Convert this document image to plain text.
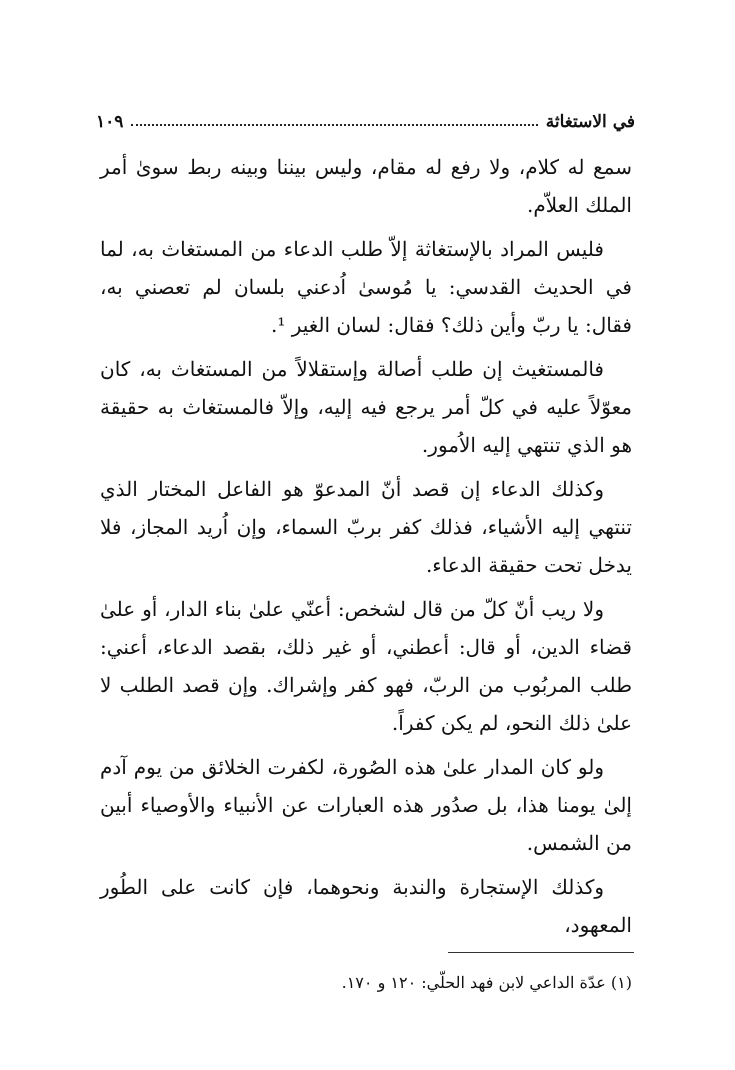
في الاستغاثة
١٠٩

سمع له كلام، ولا رفع له مقام، وليس بيننا وبينه ربط سوىٰ أمر الملك العلاّم.

فليس المراد بالإستغاثة إلاّ طلب الدعاء من المستغاث به، لما في الحديث القدسي: يا مُوسىٰ اُدعني بلسان لم تعصني به، فقال: يا ربّ وأين ذلك؟ فقال: لسان الغير ¹.

فالمستغيث إن طلب أصالة وإستقلالاً من المستغاث به، كان معوّلاً عليه في كلّ أمر يرجع فيه إليه، وإلاّ فالمستغاث به حقيقة هو الذي تنتهي إليه الاُمور.

وكذلك الدعاء إن قصد أنّ المدعوّ هو الفاعل المختار الذي تنتهي إليه الأشياء، فذلك كفر بربّ السماء، وإن اُريد المجاز، فلا يدخل تحت حقيقة الدعاء.

ولا ريب أنّ كلّ من قال لشخص: أعنّي علىٰ بناء الدار، أو علىٰ قضاء الدين، أو قال: أعطني، أو غير ذلك، بقصد الدعاء، أعني: طلب المربُوب من الربّ، فهو كفر وإشراك. وإن قصد الطلب لا علىٰ ذلك النحو، لم يكن كفراً.

ولو كان المدار علىٰ هذه الصُورة، لكفرت الخلائق من يوم آدم إلىٰ يومنا هذا، بل صدُور هذه العبارات عن الأنبياء والأوصياء أبين من الشمس.

وكذلك الإستجارة والندبة ونحوهما، فإن كانت على الطُور المعهود،

(١) عدّة الداعي لابن فهد الحلّي: ١٢٠ و ١٧٠.
